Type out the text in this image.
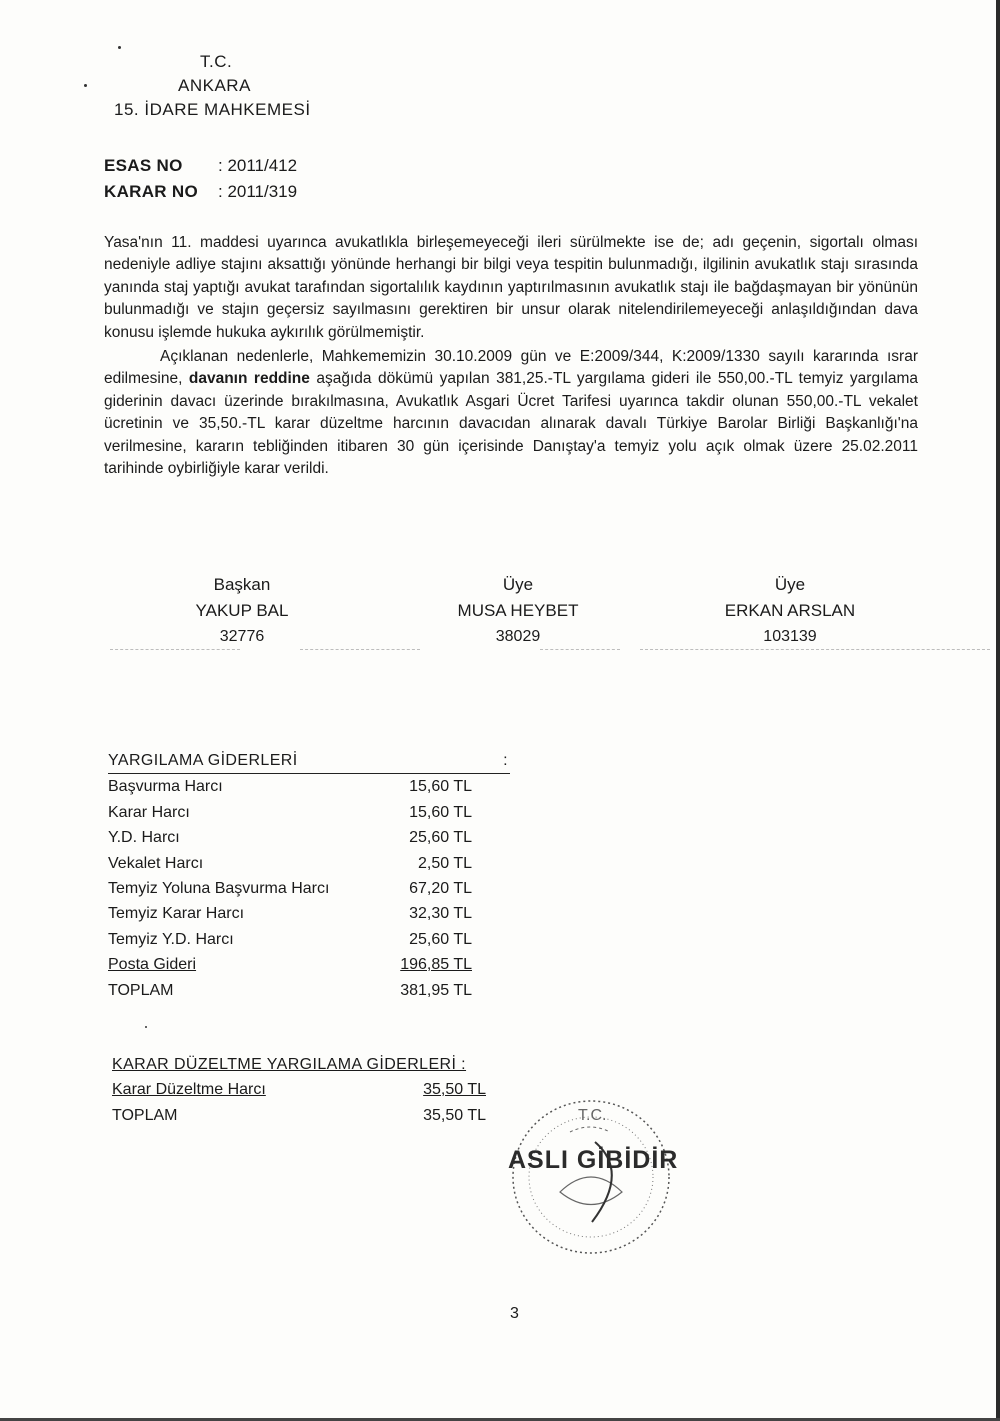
T.C.
ANKARA
15. İDARE MAHKEMESİ
ESAS NO	: 2011/412
KARAR NO	: 2011/319

Yasa'nın 11. maddesi uyarınca avukatlıkla birleşemeyeceği ileri sürülmekte ise de; adı geçenin, sigortalı olması nedeniyle adliye stajını aksattığı yönünde herhangi bir bilgi veya tespitin bulunmadığı, ilgilinin avukatlık stajı sırasında yanında staj yaptığı avukat tarafından sigortalılık kaydının yaptırılmasının avukatlık stajı ile bağdaşmayan bir yönünün bulunmadığı ve stajın geçersiz sayılmasını gerektiren bir unsur olarak nitelendirilemeyeceği anlaşıldığından dava konusu işlemde hukuka aykırılık görülmemiştir.

Açıklanan nedenlerle, Mahkememizin 30.10.2009 gün ve E:2009/344, K:2009/1330 sayılı kararında ısrar edilmesine, davanın reddine aşağıda dökümü yapılan 381,25.-TL yargılama gideri ile 550,00.-TL temyiz yargılama giderinin davacı üzerinde bırakılmasına, Avukatlık Asgari Ücret Tarifesi uyarınca takdir olunan 550,00.-TL vekalet ücretinin ve 35,50.-TL karar düzeltme harcının davacıdan alınarak davalı Türkiye Barolar Birliği Başkanlığı'na verilmesine, kararın tebliğinden itibaren 30 gün içerisinde Danıştay'a temyiz yolu açık olmak üzere 25.02.2011 tarihinde oybirliğiyle karar verildi.

Başkan
YAKUP BAL
32776
Üye
MUSA HEYBET
38029
Üye
ERKAN ARSLAN
103139
YARGILAMA GİDERLERİ	:
Başvurma Harcı	15,60 TL
Karar Harcı	15,60 TL
Y.D. Harcı	25,60 TL
Vekalet Harcı	2,50 TL
Temyiz Yoluna Başvurma Harcı	67,20 TL
Temyiz Karar Harcı	32,30 TL
Temyiz Y.D. Harcı	25,60 TL
Posta Gideri	196,85 TL
TOPLAM	381,95 TL
KARAR DÜZELTME YARGILAMA GİDERLERİ :
Karar Düzeltme Harcı	35,50 TL
TOPLAM	35,50 TL	T.C.
ASLI GİBİDİR
3
